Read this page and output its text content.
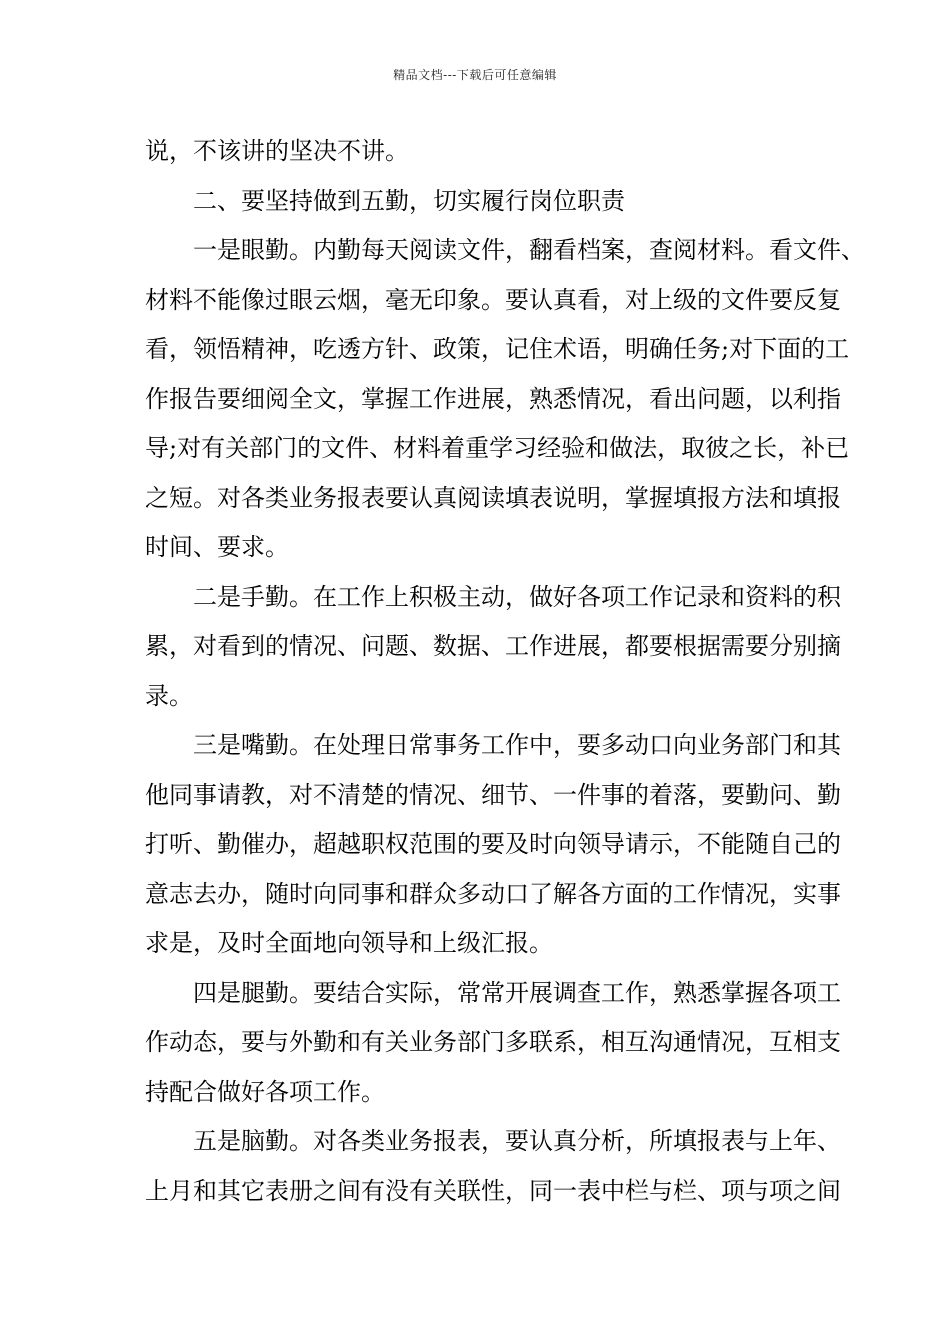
精品文档---下载后可任意编辑
说，不该讲的坚决不讲。
二、要坚持做到五勤，切实履行岗位职责
一是眼勤。内勤每天阅读文件，翻看档案，查阅材料。看文件、
材料不能像过眼云烟，毫无印象。要认真看，对上级的文件要反复
看，领悟精神，吃透方针、政策，记住术语，明确任务;对下面的工
作报告要细阅全文，掌握工作进展，熟悉情况，看出问题，以利指
导;对有关部门的文件、材料着重学习经验和做法，取彼之长，补已
之短。对各类业务报表要认真阅读填表说明，掌握填报方法和填报
时间、要求。
二是手勤。在工作上积极主动，做好各项工作记录和资料的积
累，对看到的情况、问题、数据、工作进展，都要根据需要分别摘
录。
三是嘴勤。在处理日常事务工作中，要多动口向业务部门和其
他同事请教，对不清楚的情况、细节、一件事的着落，要勤问、勤
打听、勤催办，超越职权范围的要及时向领导请示，不能随自己的
意志去办，随时向同事和群众多动口了解各方面的工作情况，实事
求是，及时全面地向领导和上级汇报。
四是腿勤。要结合实际，常常开展调查工作，熟悉掌握各项工
作动态，要与外勤和有关业务部门多联系，相互沟通情况，互相支
持配合做好各项工作。
五是脑勤。对各类业务报表，要认真分析，所填报表与上年、
上月和其它表册之间有没有关联性，同一表中栏与栏、项与项之间
